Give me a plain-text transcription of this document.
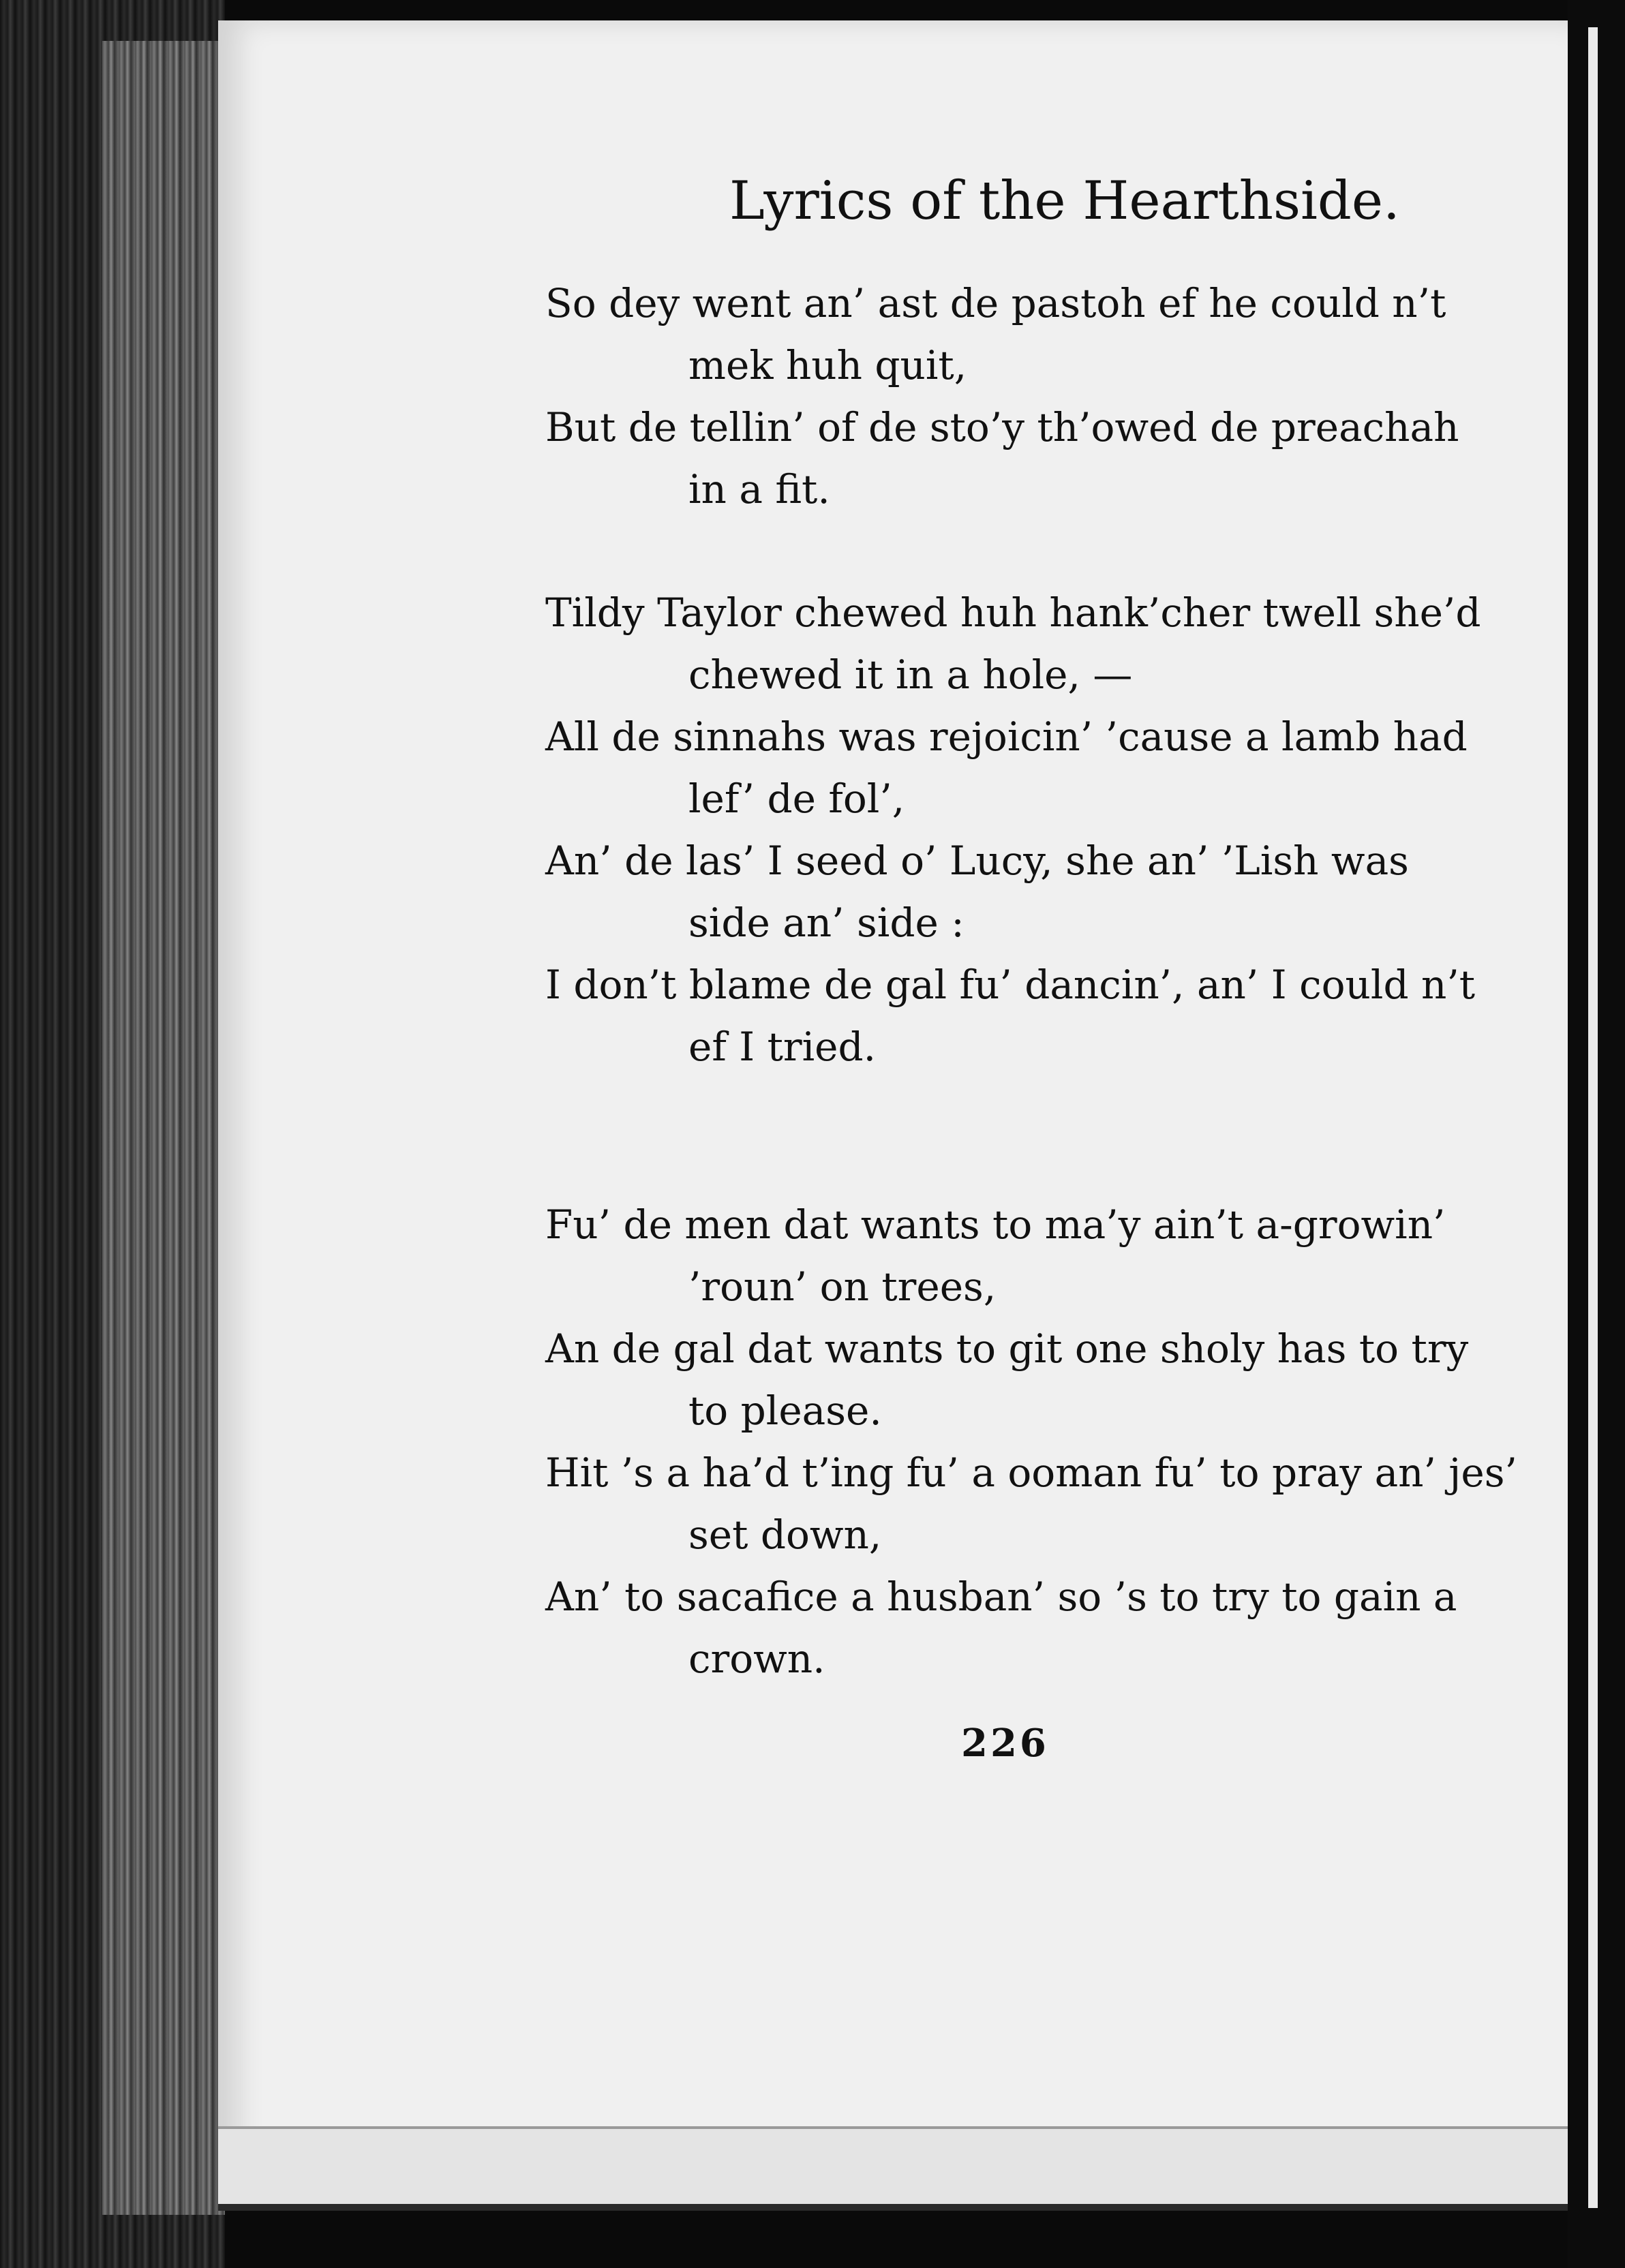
Lyrics of the Hearthside.
So dey went an’ ast de pastoh ef he could n’t
mek huh quit,
But de tellin’ of de sto’y th’owed de preachah
in a fit.
Tildy Taylor chewed huh hank’cher twell she’d
chewed it in a hole, —
All de sinnahs was rejoicin’ ’cause a lamb had
lef’ de fol’,
An’ de las’ I seed o’ Lucy, she an’ ’Lish was
side an’ side :
I don’t blame de gal fu’ dancin’, an’ I could n’t
ef I tried.
Fu’ de men dat wants to ma’y ain’t a-growin’
’roun’ on trees,
An de gal dat wants to git one sholy has to try
to please.
Hit ’s a ha’d t’ing fu’ a ooman fu’ to pray an’ jes’
set down,
An’ to sacafice a husban’ so ’s to try to gain a
crown.
226
